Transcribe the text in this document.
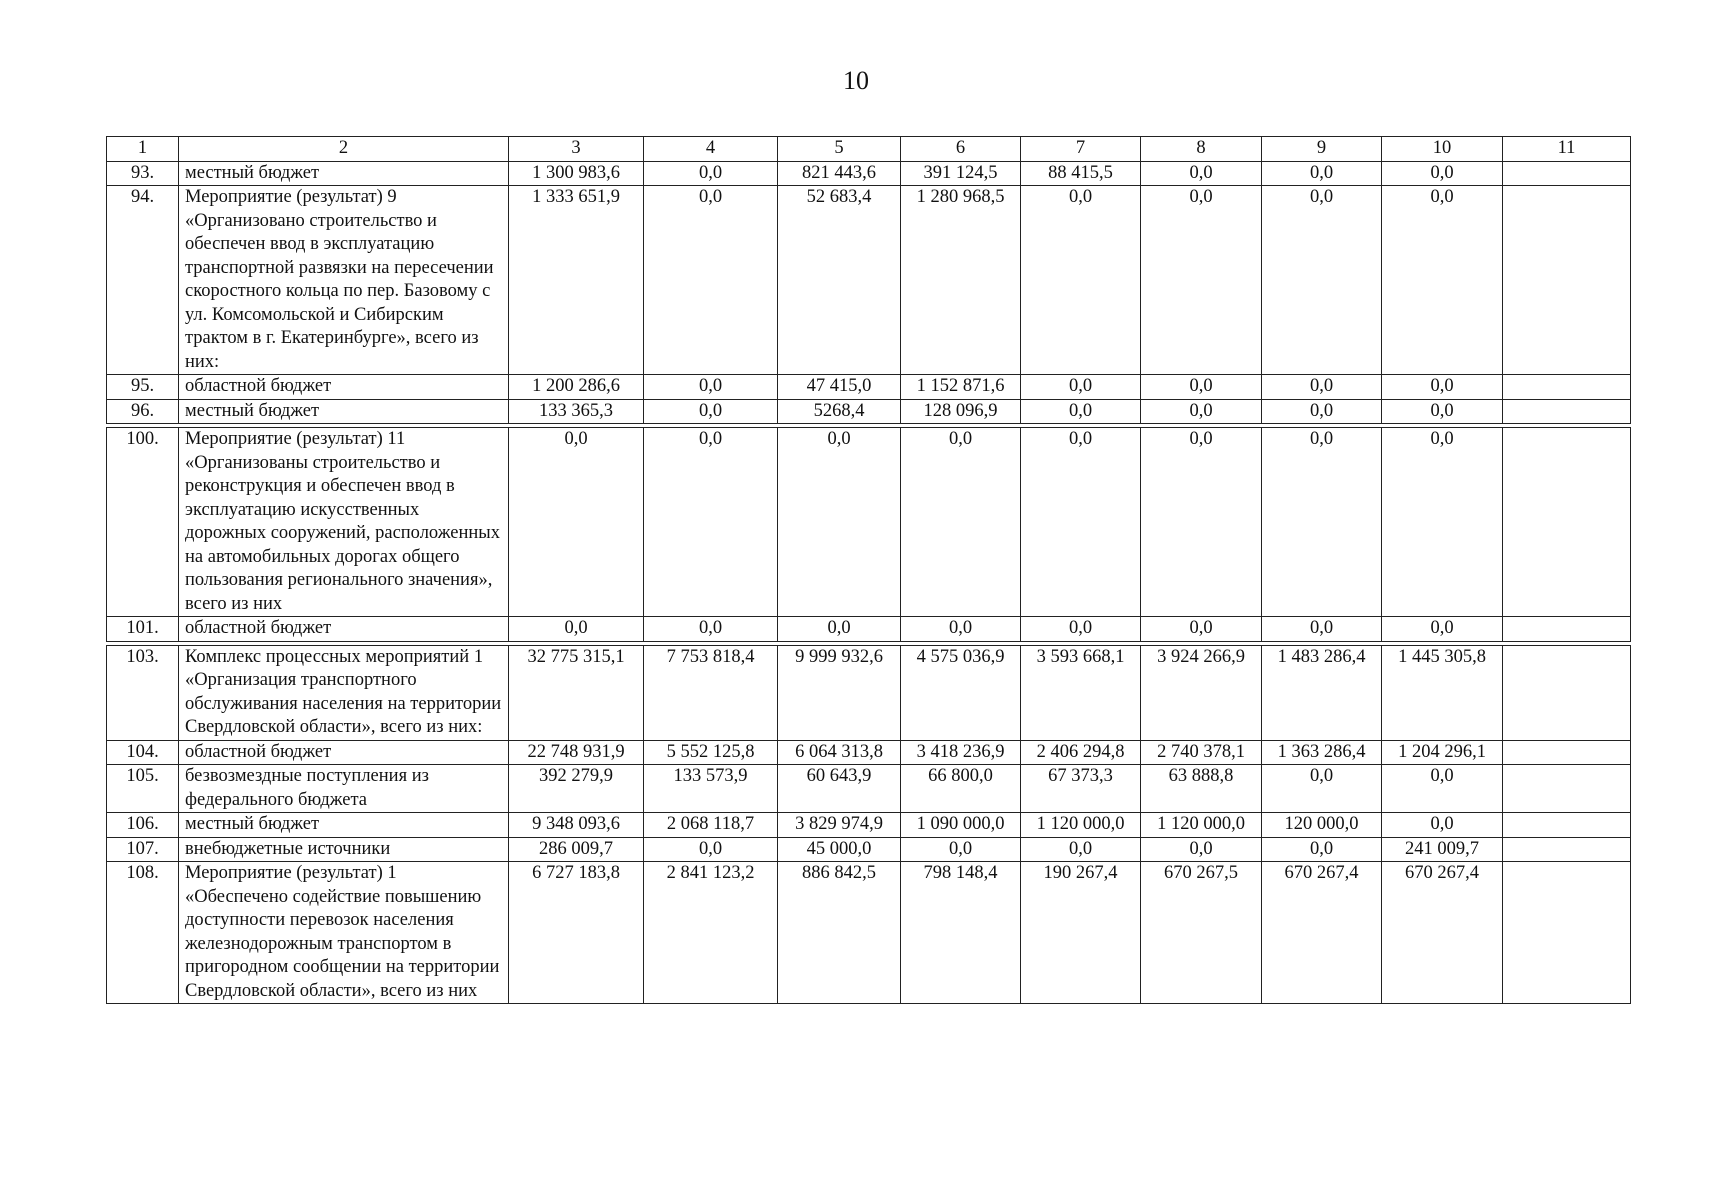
10
1	2	3	4	5	6	7	8	9	10	11
93.	местный бюджет	1 300 983,6	0,0	821 443,6	391 124,5	88 415,5	0,0	0,0	0,0	
94.	Мероприятие (результат) 9 «Организовано строительство и обеспечен ввод в эксплуатацию транспортной развязки на пересечении скоростного кольца по пер. Базовому с ул. Комсомольской и Сибирским трактом в г. Екатеринбурге», всего из них:	1 333 651,9	0,0	52 683,4	1 280 968,5	0,0	0,0	0,0	0,0	
95.	областной бюджет	1 200 286,6	0,0	47 415,0	1 152 871,6	0,0	0,0	0,0	0,0	
96.	местный бюджет	133 365,3	0,0	5268,4	128 096,9	0,0	0,0	0,0	0,0	

100.	Мероприятие (результат) 11 «Организованы строительство и реконструкция и обеспечен ввод в эксплуатацию искусственных дорожных сооружений, расположенных на автомобильных дорогах общего пользования регионального значения», всего из них	0,0	0,0	0,0	0,0	0,0	0,0	0,0	0,0	
101.	областной бюджет	0,0	0,0	0,0	0,0	0,0	0,0	0,0	0,0	

103.	Комплекс процессных мероприятий 1 «Организация транспортного обслуживания населения на территории Свердловской области», всего из них:	32 775 315,1	7 753 818,4	9 999 932,6	4 575 036,9	3 593 668,1	3 924 266,9	1 483 286,4	1 445 305,8	
104.	областной бюджет	22 748 931,9	5 552 125,8	6 064 313,8	3 418 236,9	2 406 294,8	2 740 378,1	1 363 286,4	1 204 296,1	
105.	безвозмездные поступления из федерального бюджета	392 279,9	133 573,9	60 643,9	66 800,0	67 373,3	63 888,8	0,0	0,0	
106.	местный бюджет	9 348 093,6	2 068 118,7	3 829 974,9	1 090 000,0	1 120 000,0	1 120 000,0	120 000,0	0,0	
107.	внебюджетные источники	286 009,7	0,0	45 000,0	0,0	0,0	0,0	0,0	241 009,7	
108.	Мероприятие (результат) 1 «Обеспечено содействие повышению доступности перевозок населения железнодорожным транспортом в пригородном сообщении на территории Свердловской области», всего из них	6 727 183,8	2 841 123,2	886 842,5	798 148,4	190 267,4	670 267,5	670 267,4	670 267,4	
